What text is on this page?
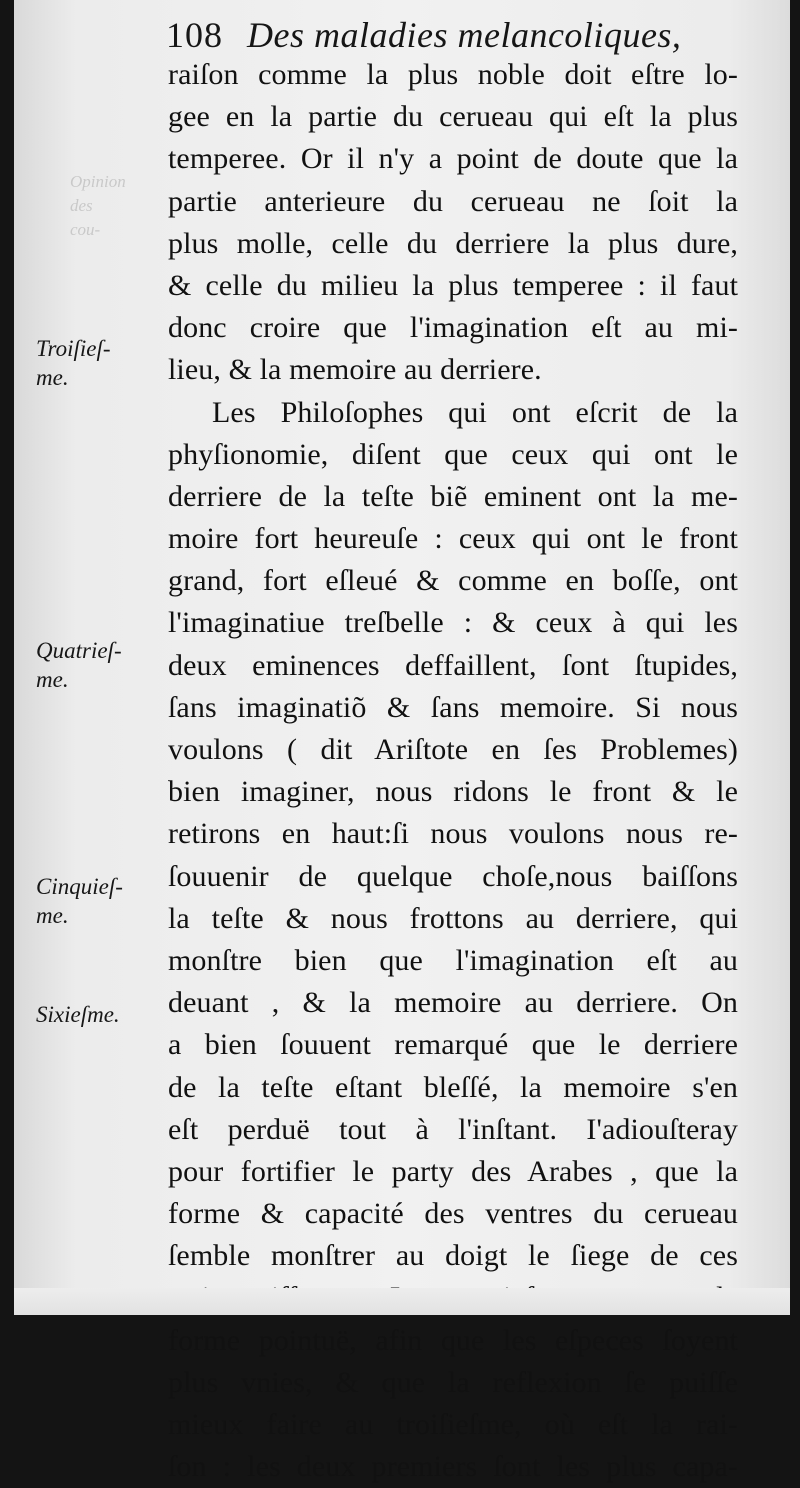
108 Des maladies melancoliques,
Opinion
des
cou-
Troiſieſ-
me.
Quatrieſ-
me.
Cinquieſ-
me.
Sixieſme.
raiſon comme la plus noble doit eſtre lo-
gee en la partie du cerueau qui eſt la plus
temperee. Or il n'y a point de doute que la
partie anterieure du cerueau ne ſoit la
plus molle, celle du derriere la plus dure,
& celle du milieu la plus temperee : il faut
donc croire que l'imagination eſt au mi-
lieu, & la memoire au derriere.
Les Philoſophes qui ont eſcrit de la
phyſionomie, diſent que ceux qui ont le
derriere de la teſte biẽ eminent ont la me-
moire fort heureuſe : ceux qui ont le front
grand, fort eſleué & comme en boſſe, ont
l'imaginatiue treſbelle : & ceux à qui les
deux eminences deffaillent, ſont ſtupides,
ſans imaginatiõ & ſans memoire. Si nous
voulons ( dit Ariſtote en ſes Problemes)
bien imaginer, nous ridons le front & le
retirons en haut:ſi nous voulons nous re-
ſouuenir de quelque choſe,nous baiſſons
la teſte & nous frottons au derriere, qui
monſtre bien que l'imagination eſt au
deuant , & la memoire au derriere. On
a bien ſouuent remarqué que le derriere
de la teſte eſtant bleſſé, la memoire s'en
eſt perduë tout à l'inſtant. I'adiouſteray
pour fortifier le party des Arabes , que la
forme & capacité des ventres du cerueau
ſemble monſtrer au doigt le ſiege de ces
forme pointuë, afin que les eſpeces ſoyent
plus vnies, & que la reflexion ſe puiſſe
mieux faire au troiſieſme, où eſt la rai-
ſon : les deux premiers ſont les plus capa-
